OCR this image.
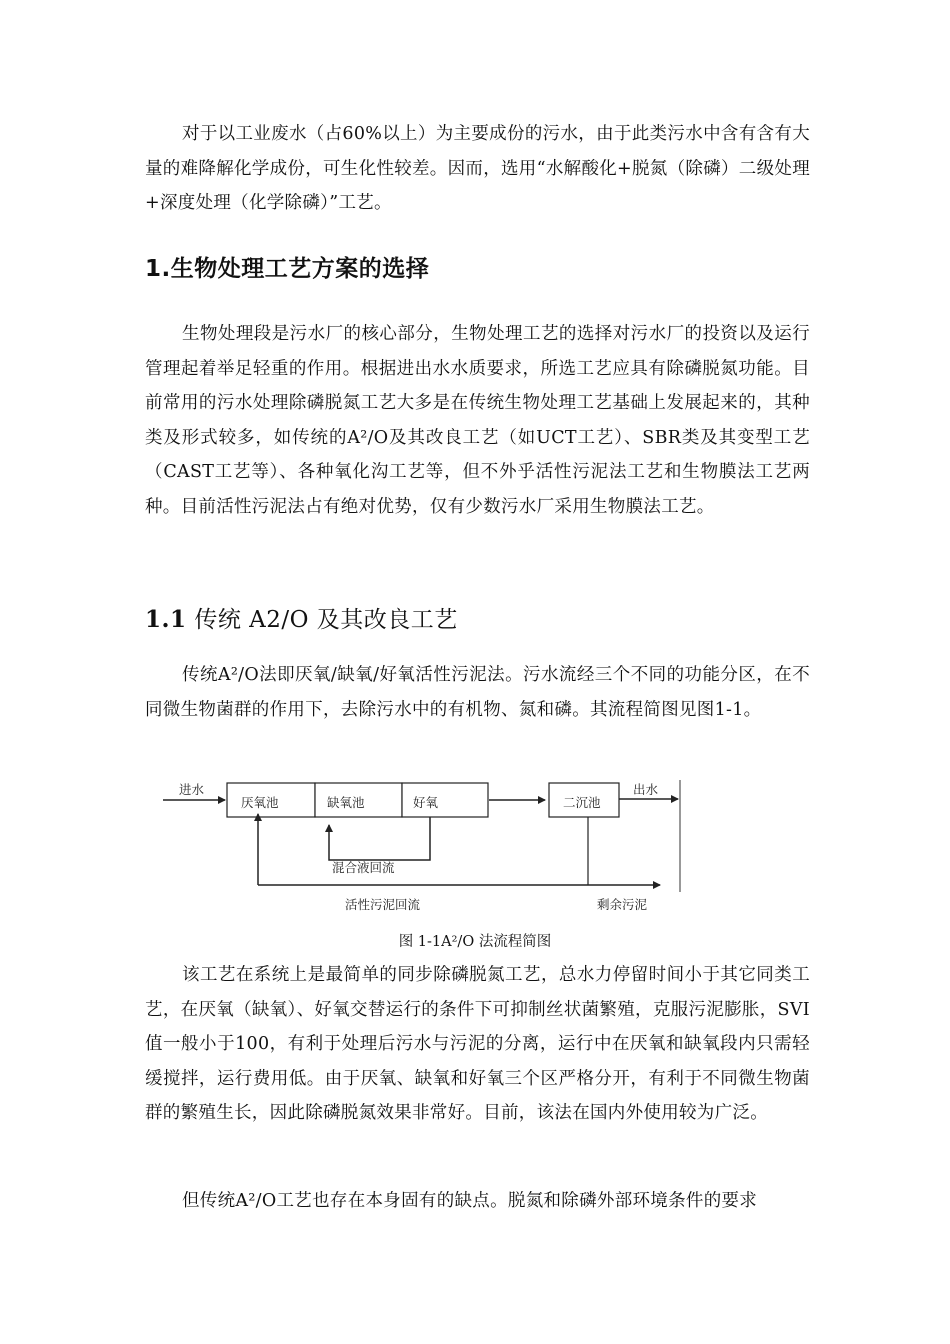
对于以工业废水（占60%以上）为主要成份的污水，由于此类污水中含有含有大量的难降解化学成份，可生化性较差。因而，选用“水解酸化+脱氮（除磷）二级处理+深度处理（化学除磷）”工艺。

1.生物处理工艺方案的选择

生物处理段是污水厂的核心部分，生物处理工艺的选择对污水厂的投资以及运行管理起着举足轻重的作用。根据进出水水质要求，所选工艺应具有除磷脱氮功能。目前常用的污水处理除磷脱氮工艺大多是在传统生物处理工艺基础上发展起来的，其种类及形式较多，如传统的A²/O及其改良工艺（如UCT工艺）、SBR类及其变型工艺（CAST工艺等）、各种氧化沟工艺等，但不外乎活性污泥法工艺和生物膜法工艺两种。目前活性污泥法占有绝对优势，仅有少数污水厂采用生物膜法工艺。

1.1 传统 A2/O 及其改良工艺

传统A²/O法即厌氧/缺氧/好氧活性污泥法。污水流经三个不同的功能分区，在不同微生物菌群的作用下，去除污水中的有机物、氮和磷。其流程简图见图1-1。

进水
厌氧池	缺氧池	好氧	二沉池
出水
混合液回流
活性污泥回流	剩余污泥

图 1-1A²/O 法流程简图

该工艺在系统上是最简单的同步除磷脱氮工艺，总水力停留时间小于其它同类工艺，在厌氧（缺氧）、好氧交替运行的条件下可抑制丝状菌繁殖，克服污泥膨胀，SVI值一般小于100，有利于处理后污水与污泥的分离，运行中在厌氧和缺氧段内只需轻缓搅拌，运行费用低。由于厌氧、缺氧和好氧三个区严格分开，有利于不同微生物菌群的繁殖生长，因此除磷脱氮效果非常好。目前，该法在国内外使用较为广泛。

但传统A²/O工艺也存在本身固有的缺点。脱氮和除磷外部环境条件的要求
